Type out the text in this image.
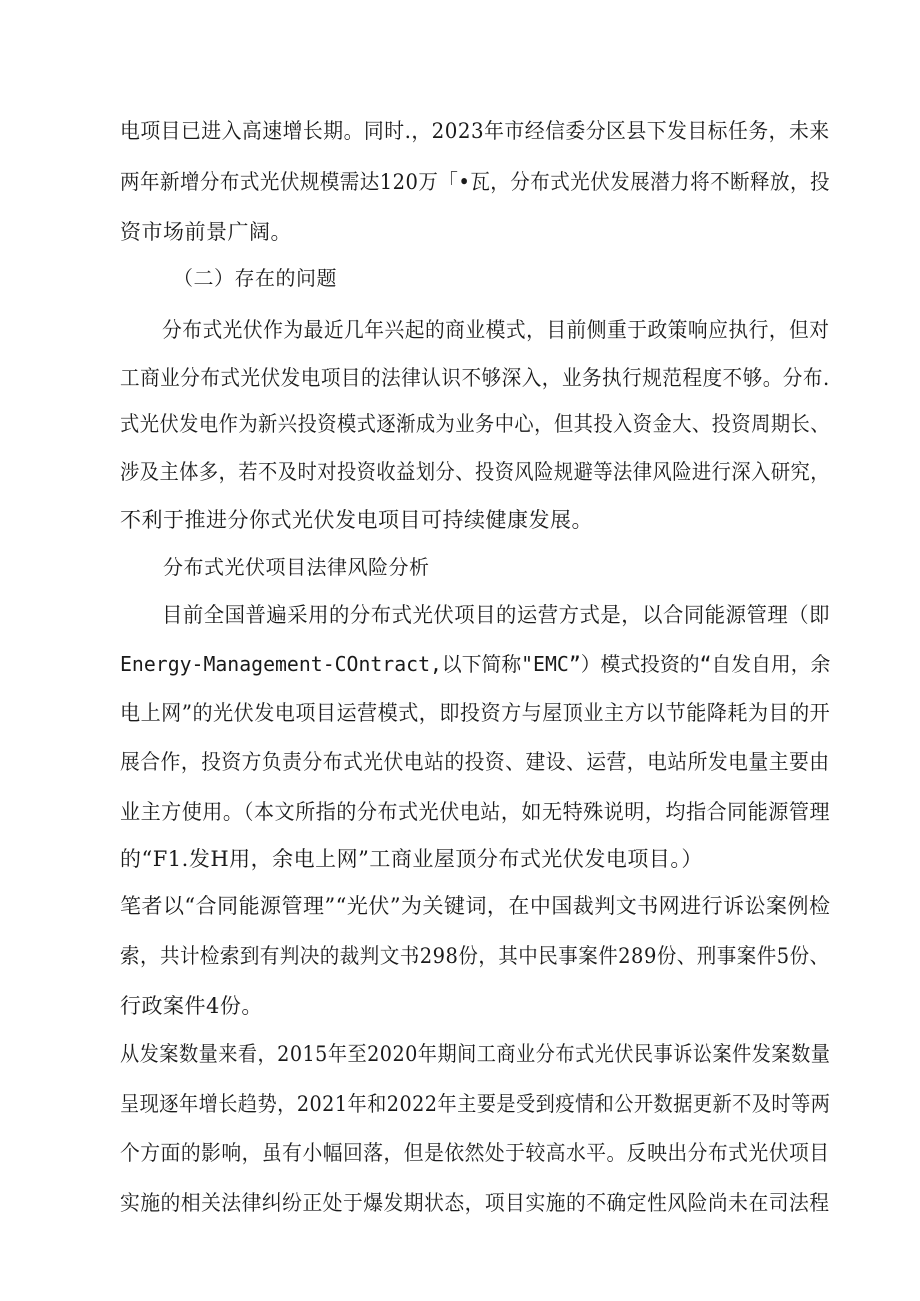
电项目已进入高速增长期。同时.，2023年市经信委分区县下发目标任务，未来
两年新增分布式光伏规模需达120万「•瓦，分布式光伏发展潜力将不断释放，投
资市场前景广阔。
（二）存在的问题
分布式光伏作为最近几年兴起的商业模式，目前侧重于政策响应执行，但对
工商业分布式光伏发电项目的法律认识不够深入，业务执行规范程度不够。分布.
式光伏发电作为新兴投资模式逐渐成为业务中心，但其投入资金大、投资周期长、
涉及主体多，若不及时对投资收益划分、投资风险规避等法律风险进行深入研究，
不利于推进分你式光伏发电项目可持续健康发展。
分布式光伏项目法律风险分析
目前全国普遍采用的分布式光伏项目的运营方式是，以合同能源管理（即
Energy-Management-COntract,以下简称"EMC”）模式投资的“自发自用，余
电上网”的光伏发电项目运营模式，即投资方与屋顶业主方以节能降耗为目的开
展合作，投资方负责分布式光伏电站的投资、建设、运营，电站所发电量主要由
业主方使用。（本文所指的分布式光伏电站，如无特殊说明，均指合同能源管理
的“F1.发H用，余电上网”工商业屋顶分布式光伏发电项目。）
笔者以“合同能源管理”“光伏”为关键词，在中国裁判文书网进行诉讼案例检
索，共计检索到有判决的裁判文书298份，其中民事案件289份、刑事案件5份、
行政案件4份。
从发案数量来看，2015年至2020年期间工商业分布式光伏民事诉讼案件发案数量
呈现逐年增长趋势，2021年和2022年主要是受到疫情和公开数据更新不及时等两
个方面的影响，虽有小幅回落，但是依然处于较高水平。反映出分布式光伏项目
实施的相关法律纠纷正处于爆发期状态，项目实施的不确定性风险尚未在司法程
